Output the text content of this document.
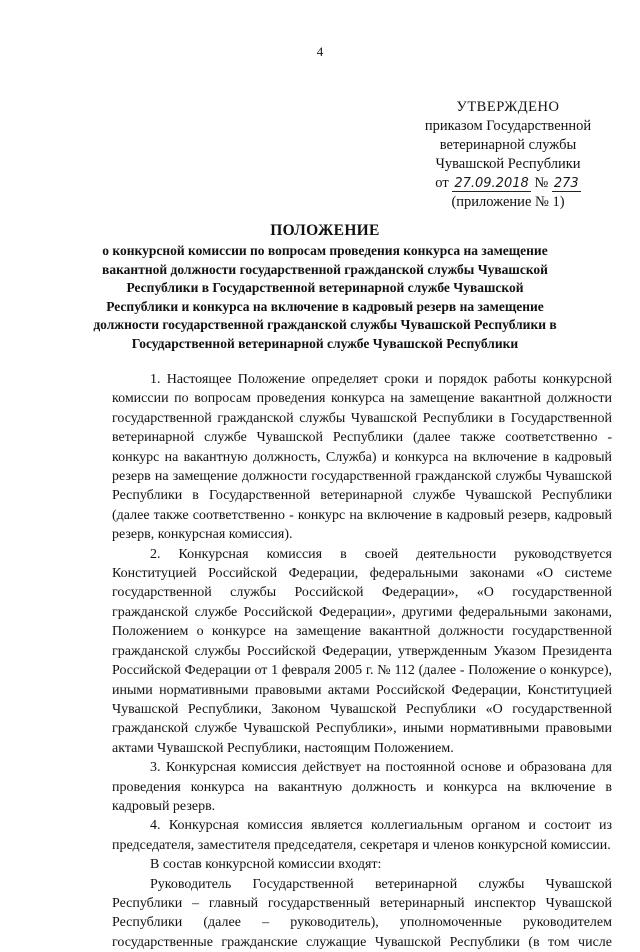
4
УТВЕРЖДЕНО
приказом Государственной
ветеринарной службы
Чувашской Республики
от 27.09.2018 № 273
(приложение № 1)
ПОЛОЖЕНИЕ
о конкурсной комиссии по вопросам проведения конкурса на замещение вакантной должности государственной гражданской службы Чувашской Республики в Государственной ветеринарной службе Чувашской Республики и конкурса на включение в кадровый резерв на замещение должности государственной гражданской службы Чувашской Республики в Государственной ветеринарной службе Чувашской Республики

1. Настоящее Положение определяет сроки и порядок работы конкурсной комиссии по вопросам проведения конкурса на замещение вакантной должности государственной гражданской службы Чувашской Республики в Государственной ветеринарной службе Чувашской Республики (далее также соответственно - конкурс на вакантную должность, Служба) и конкурса на включение в кадровый резерв на замещение должности государственной гражданской службы Чувашской Республики в Государственной ветеринарной службе Чувашской Республики (далее также соответственно - конкурс на включение в кадровый резерв, кадровый резерв, конкурсная комиссия).

2. Конкурсная комиссия в своей деятельности руководствуется Конституцией Российской Федерации, федеральными законами «О системе государственной службы Российской Федерации», «О государственной гражданской службе Российской Федерации», другими федеральными законами, Положением о конкурсе на замещение вакантной должности государственной гражданской службы Российской Федерации, утвержденным Указом Президента Российской Федерации от 1 февраля 2005 г. № 112 (далее - Положение о конкурсе), иными нормативными правовыми актами Российской Федерации, Конституцией Чувашской Республики, Законом Чувашской Республики «О государственной гражданской службе Чувашской Республики», иными нормативными правовыми актами Чувашской Республики, настоящим Положением.

3. Конкурсная комиссия действует на постоянной основе и образована для проведения конкурса на вакантную должность и конкурса на включение в кадровый резерв.

4. Конкурсная комиссия является коллегиальным органом и состоит из председателя, заместителя председателя, секретаря и членов конкурсной комиссии.

В состав конкурсной комиссии входят:

Руководитель Государственной ветеринарной службы Чувашской Республики – главный государственный ветеринарный инспектор Чувашской Республики (далее – руководитель), уполномоченные руководителем государственные гражданские служащие Чувашской Республики (в том числе
